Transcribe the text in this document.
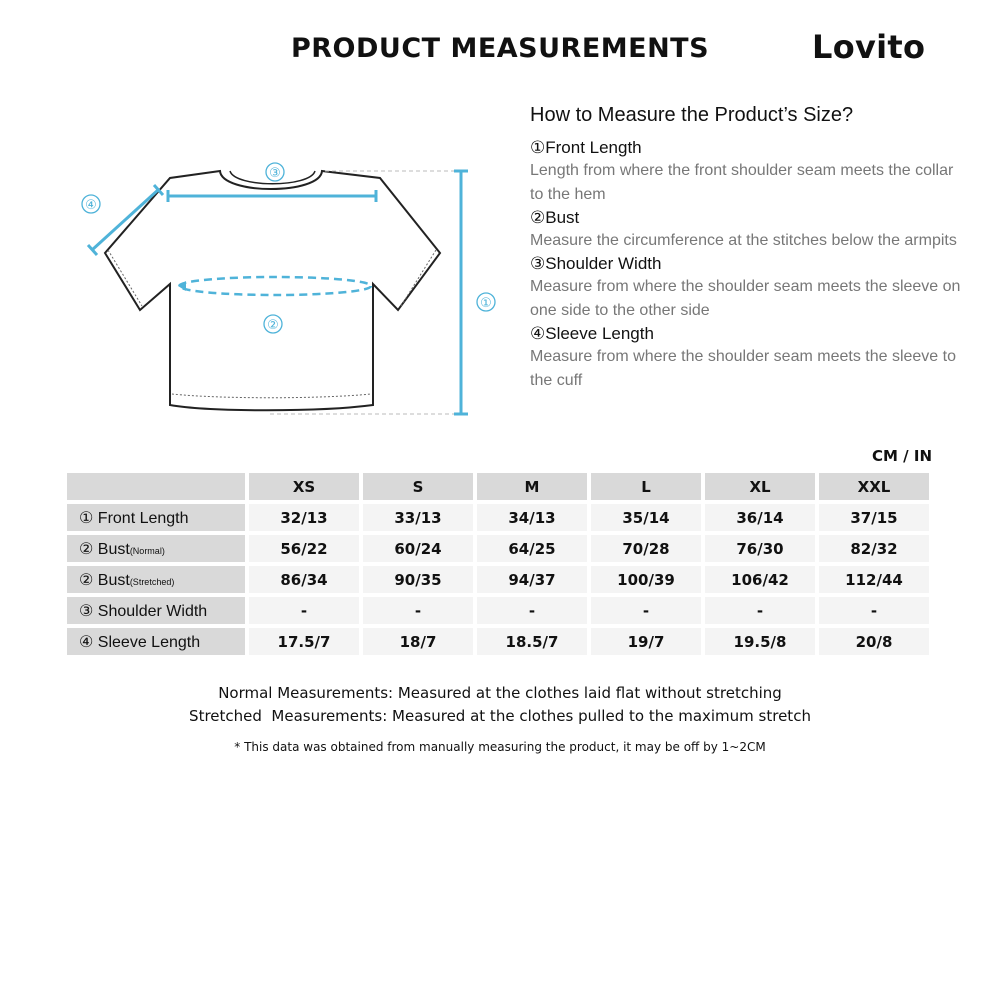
PRODUCT MEASUREMENTS	Lovito
③
①
②
④
How to Measure the Product’s Size?
①Front Length
Length from where the front shoulder seam meets the collar to the hem
②Bust
Measure the circumference at the stitches below the armpits
③Shoulder Width
Measure from where the shoulder seam meets the sleeve on one side to the other side
④Sleeve Length
Measure from where the shoulder seam meets the sleeve to the cuff
CM / IN
	XS	S	M	L	XL	XXL
① Front Length	32/13	33/13	34/13	35/14	36/14	37/15
② Bust(Normal)	56/22	60/24	64/25	70/28	76/30	82/32
② Bust(Stretched)	86/34	90/35	94/37	100/39	106/42	112/44
③ Shoulder Width	-	-	-	-	-	-
④ Sleeve Length	17.5/7	18/7	18.5/7	19/7	19.5/8	20/8
Normal Measurements: Measured at the clothes laid flat without stretching
Stretched  Measurements: Measured at the clothes pulled to the maximum stretch
* This data was obtained from manually measuring the product, it may be off by 1~2CM
